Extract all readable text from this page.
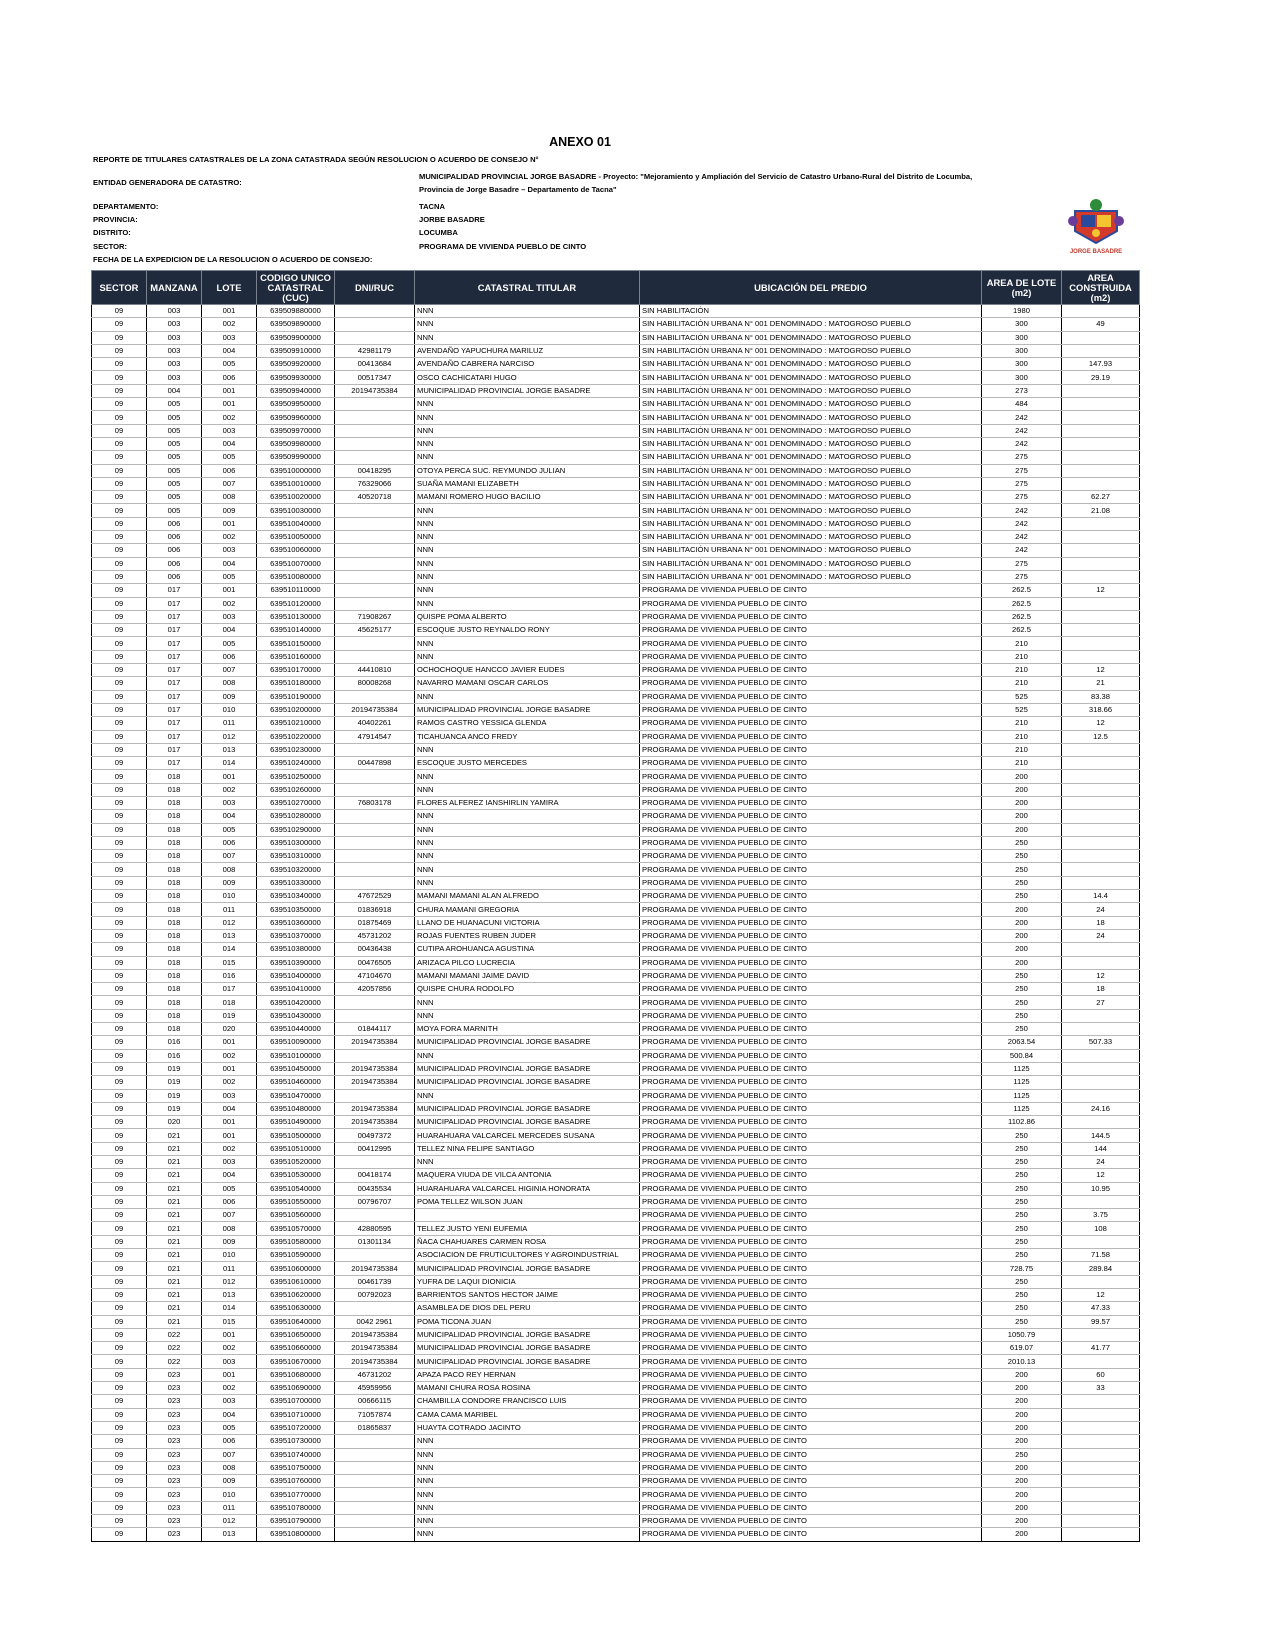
ANEXO 01
REPORTE DE TITULARES CATASTRALES DE LA ZONA CATASTRADA SEGÚN RESOLUCION O ACUERDO DE CONSEJO N°
ENTIDAD GENERADORA DE CATASTRO:
MUNICIPALIDAD PROVINCIAL JORGE BASADRE - Proyecto: "Mejoramiento y Ampliación del Servicio de Catastro Urbano-Rural del Distrito de Locumba,
Provincia de Jorge Basadre – Departamento de Tacna"
DEPARTAMENTO:	TACNA
PROVINCIA:	JORBE BASADRE
DISTRITO:	LOCUMBA
SECTOR:	PROGRAMA DE VIVIENDA PUEBLO DE CINTO
FECHA DE LA EXPEDICION DE LA RESOLUCION O ACUERDO DE CONSEJO:
JORGE BASADRE
SECTOR	MANZANA	LOTE	CODIGO UNICO CATASTRAL (CUC)	DNI/RUC	CATASTRAL TITULAR	UBICACIÓN DEL PREDIO	AREA DE LOTE (m2)	AREA CONSTRUIDA (m2)
09	003	001	639509880000		NNN	SIN HABILITACIÓN	1980	
09	003	002	639509890000		NNN	SIN HABILITACIÓN URBANA N° 001 DENOMINADO : MATOGROSO PUEBLO	300	49
09	003	003	639509900000		NNN	SIN HABILITACIÓN URBANA N° 001 DENOMINADO : MATOGROSO PUEBLO	300	
09	003	004	639509910000	42981179	AVENDAÑO YAPUCHURA MARILUZ	SIN HABILITACIÓN URBANA N° 001 DENOMINADO : MATOGROSO PUEBLO	300	
09	003	005	639509920000	00413684	AVENDAÑO CABRERA NARCISO	SIN HABILITACIÓN URBANA N° 001 DENOMINADO : MATOGROSO PUEBLO	300	147.93
09	003	006	639509930000	00517347	OSCO CACHICATARI HUGO	SIN HABILITACIÓN URBANA N° 001 DENOMINADO : MATOGROSO PUEBLO	300	29.19
09	004	001	639509940000	20194735384	MUNICIPALIDAD PROVINCIAL JORGE BASADRE	SIN HABILITACIÓN URBANA N° 001 DENOMINADO : MATOGROSO PUEBLO	273	
09	005	001	639509950000		NNN	SIN HABILITACIÓN URBANA N° 001 DENOMINADO : MATOGROSO PUEBLO	484	
09	005	002	639509960000		NNN	SIN HABILITACIÓN URBANA N° 001 DENOMINADO : MATOGROSO PUEBLO	242	
09	005	003	639509970000		NNN	SIN HABILITACIÓN URBANA N° 001 DENOMINADO : MATOGROSO PUEBLO	242	
09	005	004	639509980000		NNN	SIN HABILITACIÓN URBANA N° 001 DENOMINADO : MATOGROSO PUEBLO	242	
09	005	005	639509990000		NNN	SIN HABILITACIÓN URBANA N° 001 DENOMINADO : MATOGROSO PUEBLO	275	
09	005	006	639510000000	00418295	OTOYA PERCA SUC. REYMUNDO JULIAN	SIN HABILITACIÓN URBANA N° 001 DENOMINADO : MATOGROSO PUEBLO	275	
09	005	007	639510010000	76329066	SUAÑA MAMANI ELIZABETH	SIN HABILITACIÓN URBANA N° 001 DENOMINADO : MATOGROSO PUEBLO	275	
09	005	008	639510020000	40520718	MAMANI ROMERO HUGO BACILIO	SIN HABILITACIÓN URBANA N° 001 DENOMINADO : MATOGROSO PUEBLO	275	62.27
09	005	009	639510030000		NNN	SIN HABILITACIÓN URBANA N° 001 DENOMINADO : MATOGROSO PUEBLO	242	21.08
09	006	001	639510040000		NNN	SIN HABILITACIÓN URBANA N° 001 DENOMINADO : MATOGROSO PUEBLO	242	
09	006	002	639510050000		NNN	SIN HABILITACIÓN URBANA N° 001 DENOMINADO : MATOGROSO PUEBLO	242	
09	006	003	639510060000		NNN	SIN HABILITACIÓN URBANA N° 001 DENOMINADO : MATOGROSO PUEBLO	242	
09	006	004	639510070000		NNN	SIN HABILITACIÓN URBANA N° 001 DENOMINADO : MATOGROSO PUEBLO	275	
09	006	005	639510080000		NNN	SIN HABILITACIÓN URBANA N° 001 DENOMINADO : MATOGROSO PUEBLO	275	
09	017	001	639510110000		NNN	PROGRAMA DE VIVIENDA PUEBLO DE CINTO	262.5	12
09	017	002	639510120000		NNN	PROGRAMA DE VIVIENDA PUEBLO DE CINTO	262.5	
09	017	003	639510130000	71908267	QUISPE POMA ALBERTO	PROGRAMA DE VIVIENDA PUEBLO DE CINTO	262.5	
09	017	004	639510140000	45625177	ESCOQUE JUSTO REYNALDO RONY	PROGRAMA DE VIVIENDA PUEBLO DE CINTO	262.5	
09	017	005	639510150000		NNN	PROGRAMA DE VIVIENDA PUEBLO DE CINTO	210	
09	017	006	639510160000		NNN	PROGRAMA DE VIVIENDA PUEBLO DE CINTO	210	
09	017	007	639510170000	44410810	OCHOCHOQUE HANCCO JAVIER EUDES	PROGRAMA DE VIVIENDA PUEBLO DE CINTO	210	12
09	017	008	639510180000	80008268	NAVARRO MAMANI OSCAR CARLOS	PROGRAMA DE VIVIENDA PUEBLO DE CINTO	210	21
09	017	009	639510190000		NNN	PROGRAMA DE VIVIENDA PUEBLO DE CINTO	525	83.38
09	017	010	639510200000	20194735384	MUNICIPALIDAD PROVINCIAL JORGE BASADRE	PROGRAMA DE VIVIENDA PUEBLO DE CINTO	525	318.66
09	017	011	639510210000	40402261	RAMOS CASTRO YESSICA GLENDA	PROGRAMA DE VIVIENDA PUEBLO DE CINTO	210	12
09	017	012	639510220000	47914547	TICAHUANCA ANCO FREDY	PROGRAMA DE VIVIENDA PUEBLO DE CINTO	210	12.5
09	017	013	639510230000		NNN	PROGRAMA DE VIVIENDA PUEBLO DE CINTO	210	
09	017	014	639510240000	00447898	ESCOQUE JUSTO MERCEDES	PROGRAMA DE VIVIENDA PUEBLO DE CINTO	210	
09	018	001	639510250000		NNN	PROGRAMA DE VIVIENDA PUEBLO DE CINTO	200	
09	018	002	639510260000		NNN	PROGRAMA DE VIVIENDA PUEBLO DE CINTO	200	
09	018	003	639510270000	76803178	FLORES ALFEREZ IANSHIRLIN YAMIRA	PROGRAMA DE VIVIENDA PUEBLO DE CINTO	200	
09	018	004	639510280000		NNN	PROGRAMA DE VIVIENDA PUEBLO DE CINTO	200	
09	018	005	639510290000		NNN	PROGRAMA DE VIVIENDA PUEBLO DE CINTO	200	
09	018	006	639510300000		NNN	PROGRAMA DE VIVIENDA PUEBLO DE CINTO	250	
09	018	007	639510310000		NNN	PROGRAMA DE VIVIENDA PUEBLO DE CINTO	250	
09	018	008	639510320000		NNN	PROGRAMA DE VIVIENDA PUEBLO DE CINTO	250	
09	018	009	639510330000		NNN	PROGRAMA DE VIVIENDA PUEBLO DE CINTO	250	
09	018	010	639510340000	47672529	MAMANI MAMANI ALAN ALFREDO	PROGRAMA DE VIVIENDA PUEBLO DE CINTO	250	14.4
09	018	011	639510350000	01836918	CHURA MAMANI GREGORIA	PROGRAMA DE VIVIENDA PUEBLO DE CINTO	200	24
09	018	012	639510360000	01875469	LLANO DE HUANACUNI VICTORIA	PROGRAMA DE VIVIENDA PUEBLO DE CINTO	200	18
09	018	013	639510370000	45731202	ROJAS FUENTES RUBEN JUDER	PROGRAMA DE VIVIENDA PUEBLO DE CINTO	200	24
09	018	014	639510380000	00436438	CUTIPA AROHUANCA AGUSTINA	PROGRAMA DE VIVIENDA PUEBLO DE CINTO	200	
09	018	015	639510390000	00476505	ARIZACA PILCO LUCRECIA	PROGRAMA DE VIVIENDA PUEBLO DE CINTO	200	
09	018	016	639510400000	47104670	MAMANI MAMANI JAIME DAVID	PROGRAMA DE VIVIENDA PUEBLO DE CINTO	250	12
09	018	017	639510410000	42057856	QUISPE CHURA RODOLFO	PROGRAMA DE VIVIENDA PUEBLO DE CINTO	250	18
09	018	018	639510420000		NNN	PROGRAMA DE VIVIENDA PUEBLO DE CINTO	250	27
09	018	019	639510430000		NNN	PROGRAMA DE VIVIENDA PUEBLO DE CINTO	250	
09	018	020	639510440000	01844117	MOYA FORA MARNITH	PROGRAMA DE VIVIENDA PUEBLO DE CINTO	250	
09	016	001	639510090000	20194735384	MUNICIPALIDAD PROVINCIAL JORGE BASADRE	PROGRAMA DE VIVIENDA PUEBLO DE CINTO	2063.54	507.33
09	016	002	639510100000		NNN	PROGRAMA DE VIVIENDA PUEBLO DE CINTO	500.84	
09	019	001	639510450000	20194735384	MUNICIPALIDAD PROVINCIAL JORGE BASADRE	PROGRAMA DE VIVIENDA PUEBLO DE CINTO	1125	
09	019	002	639510460000	20194735384	MUNICIPALIDAD PROVINCIAL JORGE BASADRE	PROGRAMA DE VIVIENDA PUEBLO DE CINTO	1125	
09	019	003	639510470000		NNN	PROGRAMA DE VIVIENDA PUEBLO DE CINTO	1125	
09	019	004	639510480000	20194735384	MUNICIPALIDAD PROVINCIAL JORGE BASADRE	PROGRAMA DE VIVIENDA PUEBLO DE CINTO	1125	24.16
09	020	001	639510490000	20194735384	MUNICIPALIDAD PROVINCIAL JORGE BASADRE	PROGRAMA DE VIVIENDA PUEBLO DE CINTO	1102.86	
09	021	001	639510500000	00497372	HUARAHUARA VALCARCEL MERCEDES SUSANA	PROGRAMA DE VIVIENDA PUEBLO DE CINTO	250	144.5
09	021	002	639510510000	00412995	TELLEZ NINA FELIPE SANTIAGO	PROGRAMA DE VIVIENDA PUEBLO DE CINTO	250	144
09	021	003	639510520000		NNN	PROGRAMA DE VIVIENDA PUEBLO DE CINTO	250	24
09	021	004	639510530000	00418174	MAQUERA VIUDA DE VILCA ANTONIA	PROGRAMA DE VIVIENDA PUEBLO DE CINTO	250	12
09	021	005	639510540000	00435534	HUARAHUARA VALCARCEL HIGINIA HONORATA	PROGRAMA DE VIVIENDA PUEBLO DE CINTO	250	10.95
09	021	006	639510550000	00796707	POMA TELLEZ WILSON JUAN	PROGRAMA DE VIVIENDA PUEBLO DE CINTO	250	
09	021	007	639510560000			PROGRAMA DE VIVIENDA PUEBLO DE CINTO	250	3.75
09	021	008	639510570000	42880595	TELLEZ JUSTO YENI EUFEMIA	PROGRAMA DE VIVIENDA PUEBLO DE CINTO	250	108
09	021	009	639510580000	01301134	ÑACA CHAHUARES CARMEN ROSA	PROGRAMA DE VIVIENDA PUEBLO DE CINTO	250	
09	021	010	639510590000		ASOCIACION DE FRUTICULTORES Y AGROINDUSTRIAL	PROGRAMA DE VIVIENDA PUEBLO DE CINTO	250	71.58
09	021	011	639510600000	20194735384	MUNICIPALIDAD PROVINCIAL JORGE BASADRE	PROGRAMA DE VIVIENDA PUEBLO DE CINTO	728.75	289.84
09	021	012	639510610000	00461739	YUFRA DE LAQUI DIONICIA	PROGRAMA DE VIVIENDA PUEBLO DE CINTO	250	
09	021	013	639510620000	00792023	BARRIENTOS SANTOS HECTOR JAIME	PROGRAMA DE VIVIENDA PUEBLO DE CINTO	250	12
09	021	014	639510630000		ASAMBLEA DE DIOS DEL PERU	PROGRAMA DE VIVIENDA PUEBLO DE CINTO	250	47.33
09	021	015	639510640000	0042 2961	POMA TICONA JUAN	PROGRAMA DE VIVIENDA PUEBLO DE CINTO	250	99.57
09	022	001	639510650000	20194735384	MUNICIPALIDAD PROVINCIAL JORGE BASADRE	PROGRAMA DE VIVIENDA PUEBLO DE CINTO	1050.79	
09	022	002	639510660000	20194735384	MUNICIPALIDAD PROVINCIAL JORGE BASADRE	PROGRAMA DE VIVIENDA PUEBLO DE CINTO	619.07	41.77
09	022	003	639510670000	20194735384	MUNICIPALIDAD PROVINCIAL JORGE BASADRE	PROGRAMA DE VIVIENDA PUEBLO DE CINTO	2010.13	
09	023	001	639510680000	46731202	APAZA PACO REY HERNAN	PROGRAMA DE VIVIENDA PUEBLO DE CINTO	200	60
09	023	002	639510690000	45959956	MAMANI CHURA ROSA ROSINA	PROGRAMA DE VIVIENDA PUEBLO DE CINTO	200	33
09	023	003	639510700000	00666115	CHAMBILLA CONDORE FRANCISCO LUIS	PROGRAMA DE VIVIENDA PUEBLO DE CINTO	200	
09	023	004	639510710000	71057874	CAMA CAMA MARIBEL	PROGRAMA DE VIVIENDA PUEBLO DE CINTO	200	
09	023	005	639510720000	01865837	HUAYTA COTRADO JACINTO	PROGRAMA DE VIVIENDA PUEBLO DE CINTO	200	
09	023	006	639510730000		NNN	PROGRAMA DE VIVIENDA PUEBLO DE CINTO	200	
09	023	007	639510740000		NNN	PROGRAMA DE VIVIENDA PUEBLO DE CINTO	250	
09	023	008	639510750000		NNN	PROGRAMA DE VIVIENDA PUEBLO DE CINTO	200	
09	023	009	639510760000		NNN	PROGRAMA DE VIVIENDA PUEBLO DE CINTO	200	
09	023	010	639510770000		NNN	PROGRAMA DE VIVIENDA PUEBLO DE CINTO	200	
09	023	011	639510780000		NNN	PROGRAMA DE VIVIENDA PUEBLO DE CINTO	200	
09	023	012	639510790000		NNN	PROGRAMA DE VIVIENDA PUEBLO DE CINTO	200	
09	023	013	639510800000		NNN	PROGRAMA DE VIVIENDA PUEBLO DE CINTO	200	
